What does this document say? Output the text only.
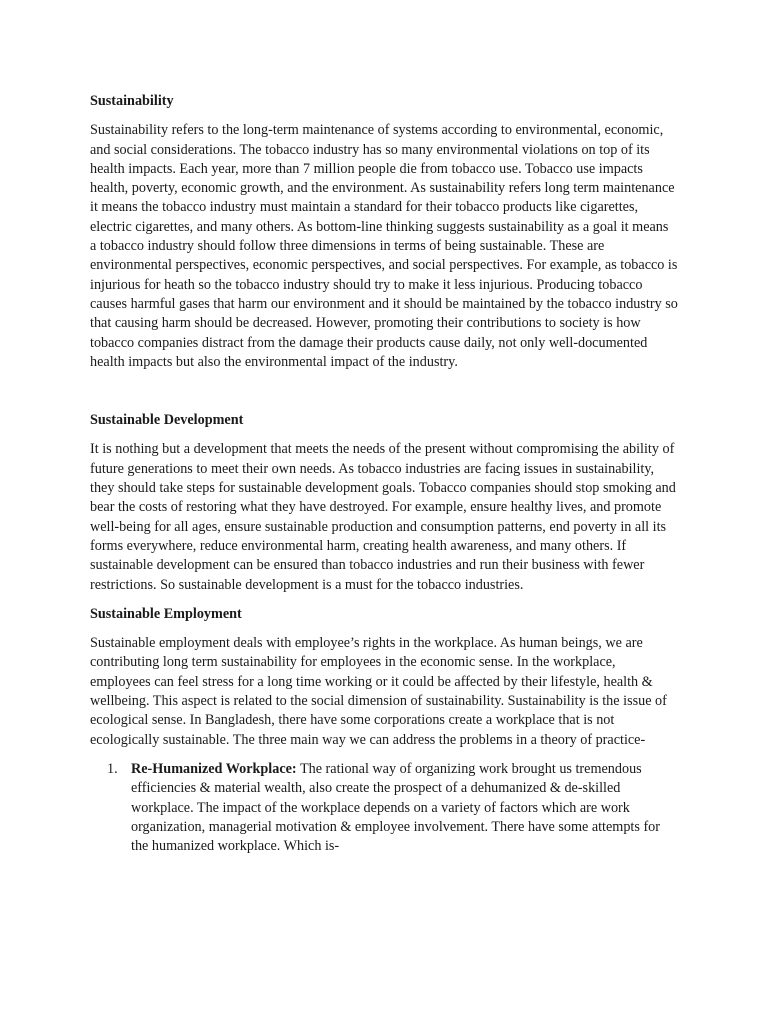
Sustainability

Sustainability refers to the long-term maintenance of systems according to environmental, economic, and social considerations. The tobacco industry has so many environmental violations on top of its health impacts. Each year, more than 7 million people die from tobacco use. Tobacco use impacts health, poverty, economic growth, and the environment. As sustainability refers long term maintenance it means the tobacco industry must maintain a standard for their tobacco products like cigarettes, electric cigarettes, and many others. As bottom-line thinking suggests sustainability as a goal it means a tobacco industry should follow three dimensions in terms of being sustainable. These are environmental perspectives, economic perspectives, and social perspectives. For example, as tobacco is injurious for heath so the tobacco industry should try to make it less injurious. Producing tobacco causes harmful gases that harm our environment and it should be maintained by the tobacco industry so that causing harm should be decreased. However, promoting their contributions to society is how tobacco companies distract from the damage their products cause daily, not only well-documented health impacts but also the environmental impact of the industry.

Sustainable Development

It is nothing but a development that meets the needs of the present without compromising the ability of future generations to meet their own needs. As tobacco industries are facing issues in sustainability, they should take steps for sustainable development goals. Tobacco companies should stop smoking and bear the costs of restoring what they have destroyed. For example, ensure healthy lives, and promote well-being for all ages, ensure sustainable production and consumption patterns, end poverty in all its forms everywhere, reduce environmental harm, creating health awareness, and many others. If sustainable development can be ensured than tobacco industries and run their business with fewer restrictions. So sustainable development is a must for the tobacco industries.

Sustainable Employment

Sustainable employment deals with employee’s rights in the workplace. As human beings, we are contributing long term sustainability for employees in the economic sense. In the workplace, employees can feel stress for a long time working or it could be affected by their lifestyle, health & wellbeing. This aspect is related to the social dimension of sustainability. Sustainability is the issue of ecological sense. In Bangladesh, there have some corporations create a workplace that is not ecologically sustainable. The three main way we can address the problems in a theory of practice-

1. Re-Humanized Workplace: The rational way of organizing work brought us tremendous efficiencies & material wealth, also create the prospect of a dehumanized & de-skilled workplace. The impact of the workplace depends on a variety of factors which are work organization, managerial motivation & employee involvement. There have some attempts for the humanized workplace. Which is-
